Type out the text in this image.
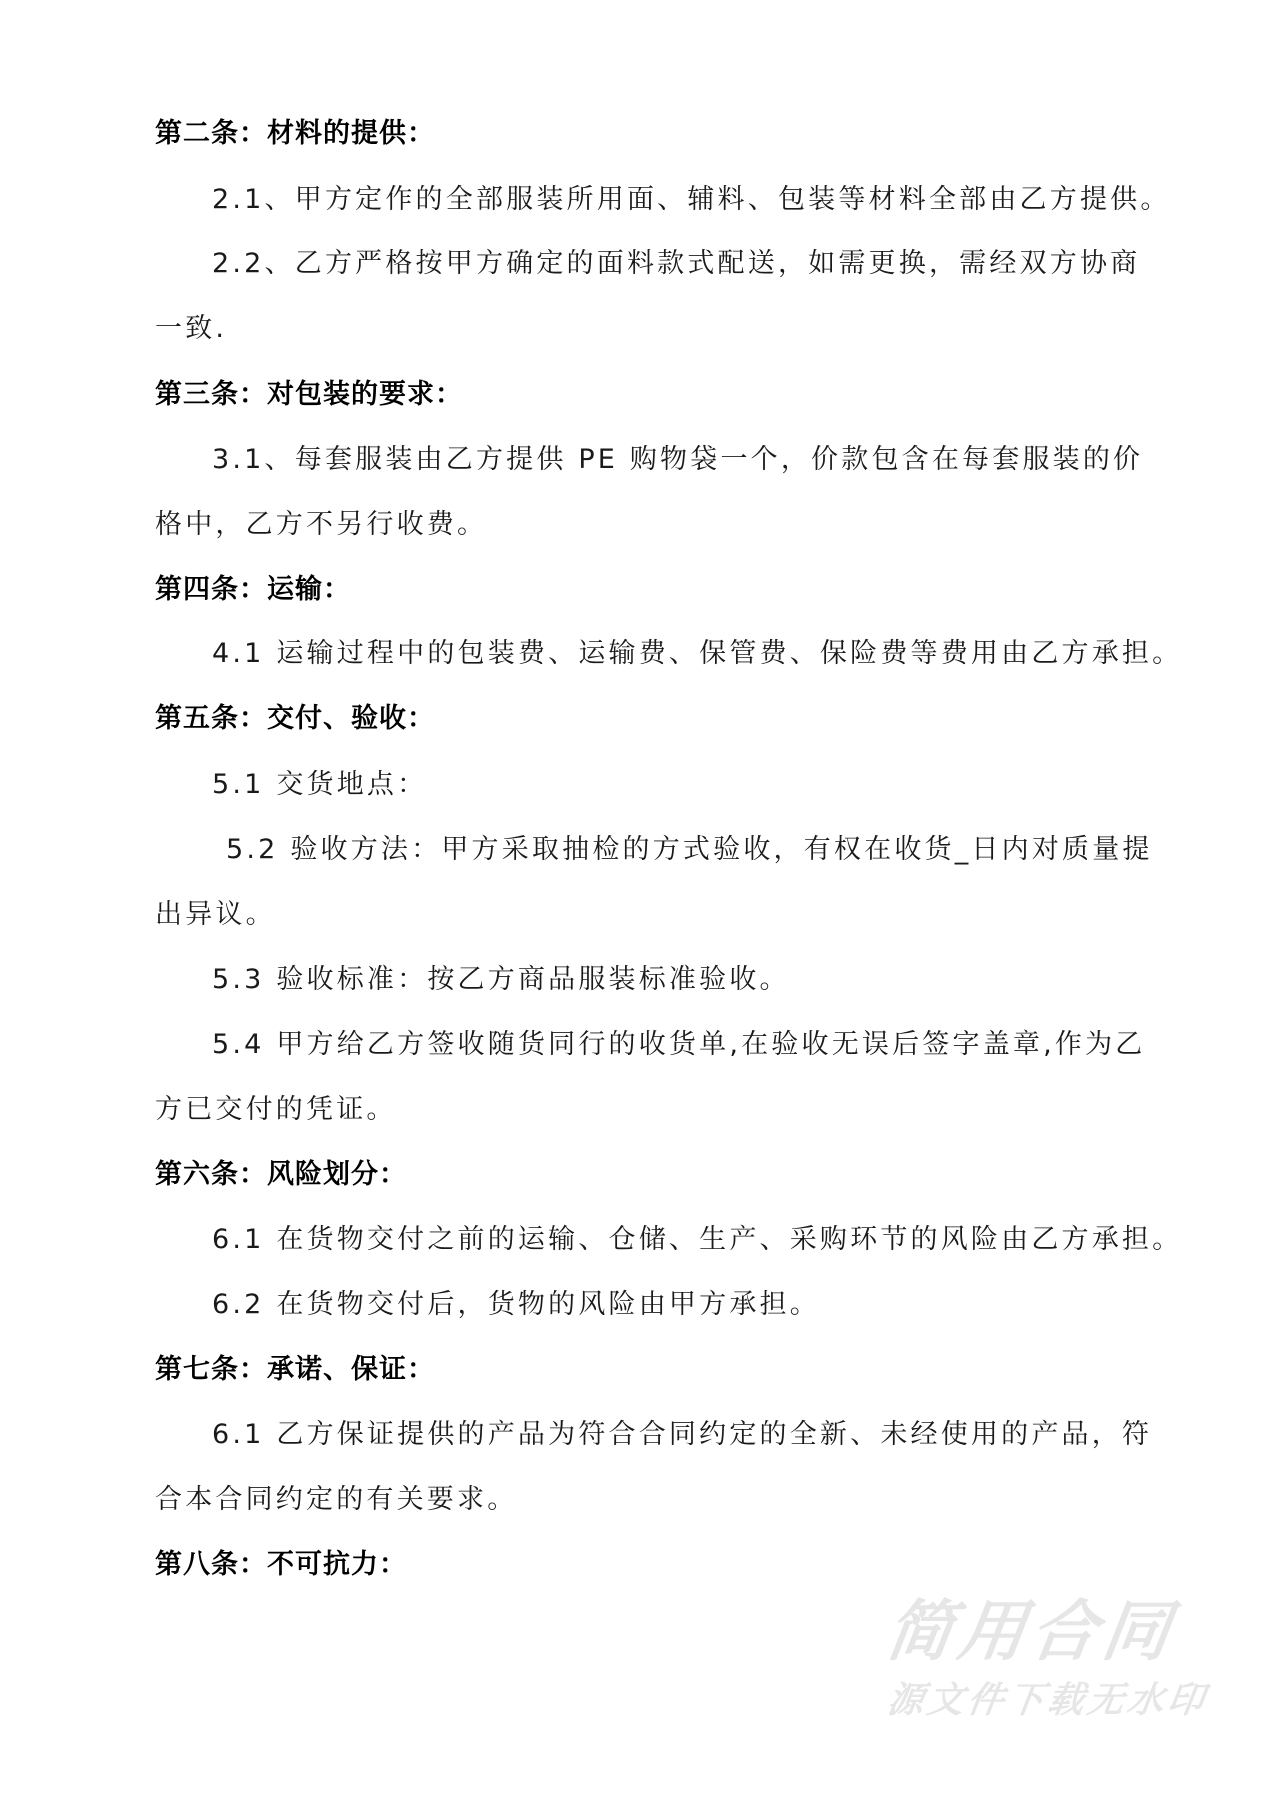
第二条：材料的提供：
2.1、甲方定作的全部服装所用面、辅料、包装等材料全部由乙方提供。
2.2、乙方严格按甲方确定的面料款式配送，如需更换，需经双方协商
一致.
第三条：对包装的要求：
3.1、每套服装由乙方提供 PE 购物袋一个，价款包含在每套服装的价
格中，乙方不另行收费。
第四条：运输：
4.1 运输过程中的包装费、运输费、保管费、保险费等费用由乙方承担。
第五条：交付、验收：
5.1 交货地点：
5.2 验收方法：甲方采取抽检的方式验收，有权在收货_日内对质量提
出异议。
5.3 验收标准：按乙方商品服装标准验收。
5.4 甲方给乙方签收随货同行的收货单,在验收无误后签字盖章,作为乙
方已交付的凭证。
第六条：风险划分：
6.1 在货物交付之前的运输、仓储、生产、采购环节的风险由乙方承担。
6.2 在货物交付后，货物的风险由甲方承担。
第七条：承诺、保证：
6.1 乙方保证提供的产品为符合合同约定的全新、未经使用的产品，符
合本合同约定的有关要求。
第八条：不可抗力：
简用合同
源文件下载无水印
